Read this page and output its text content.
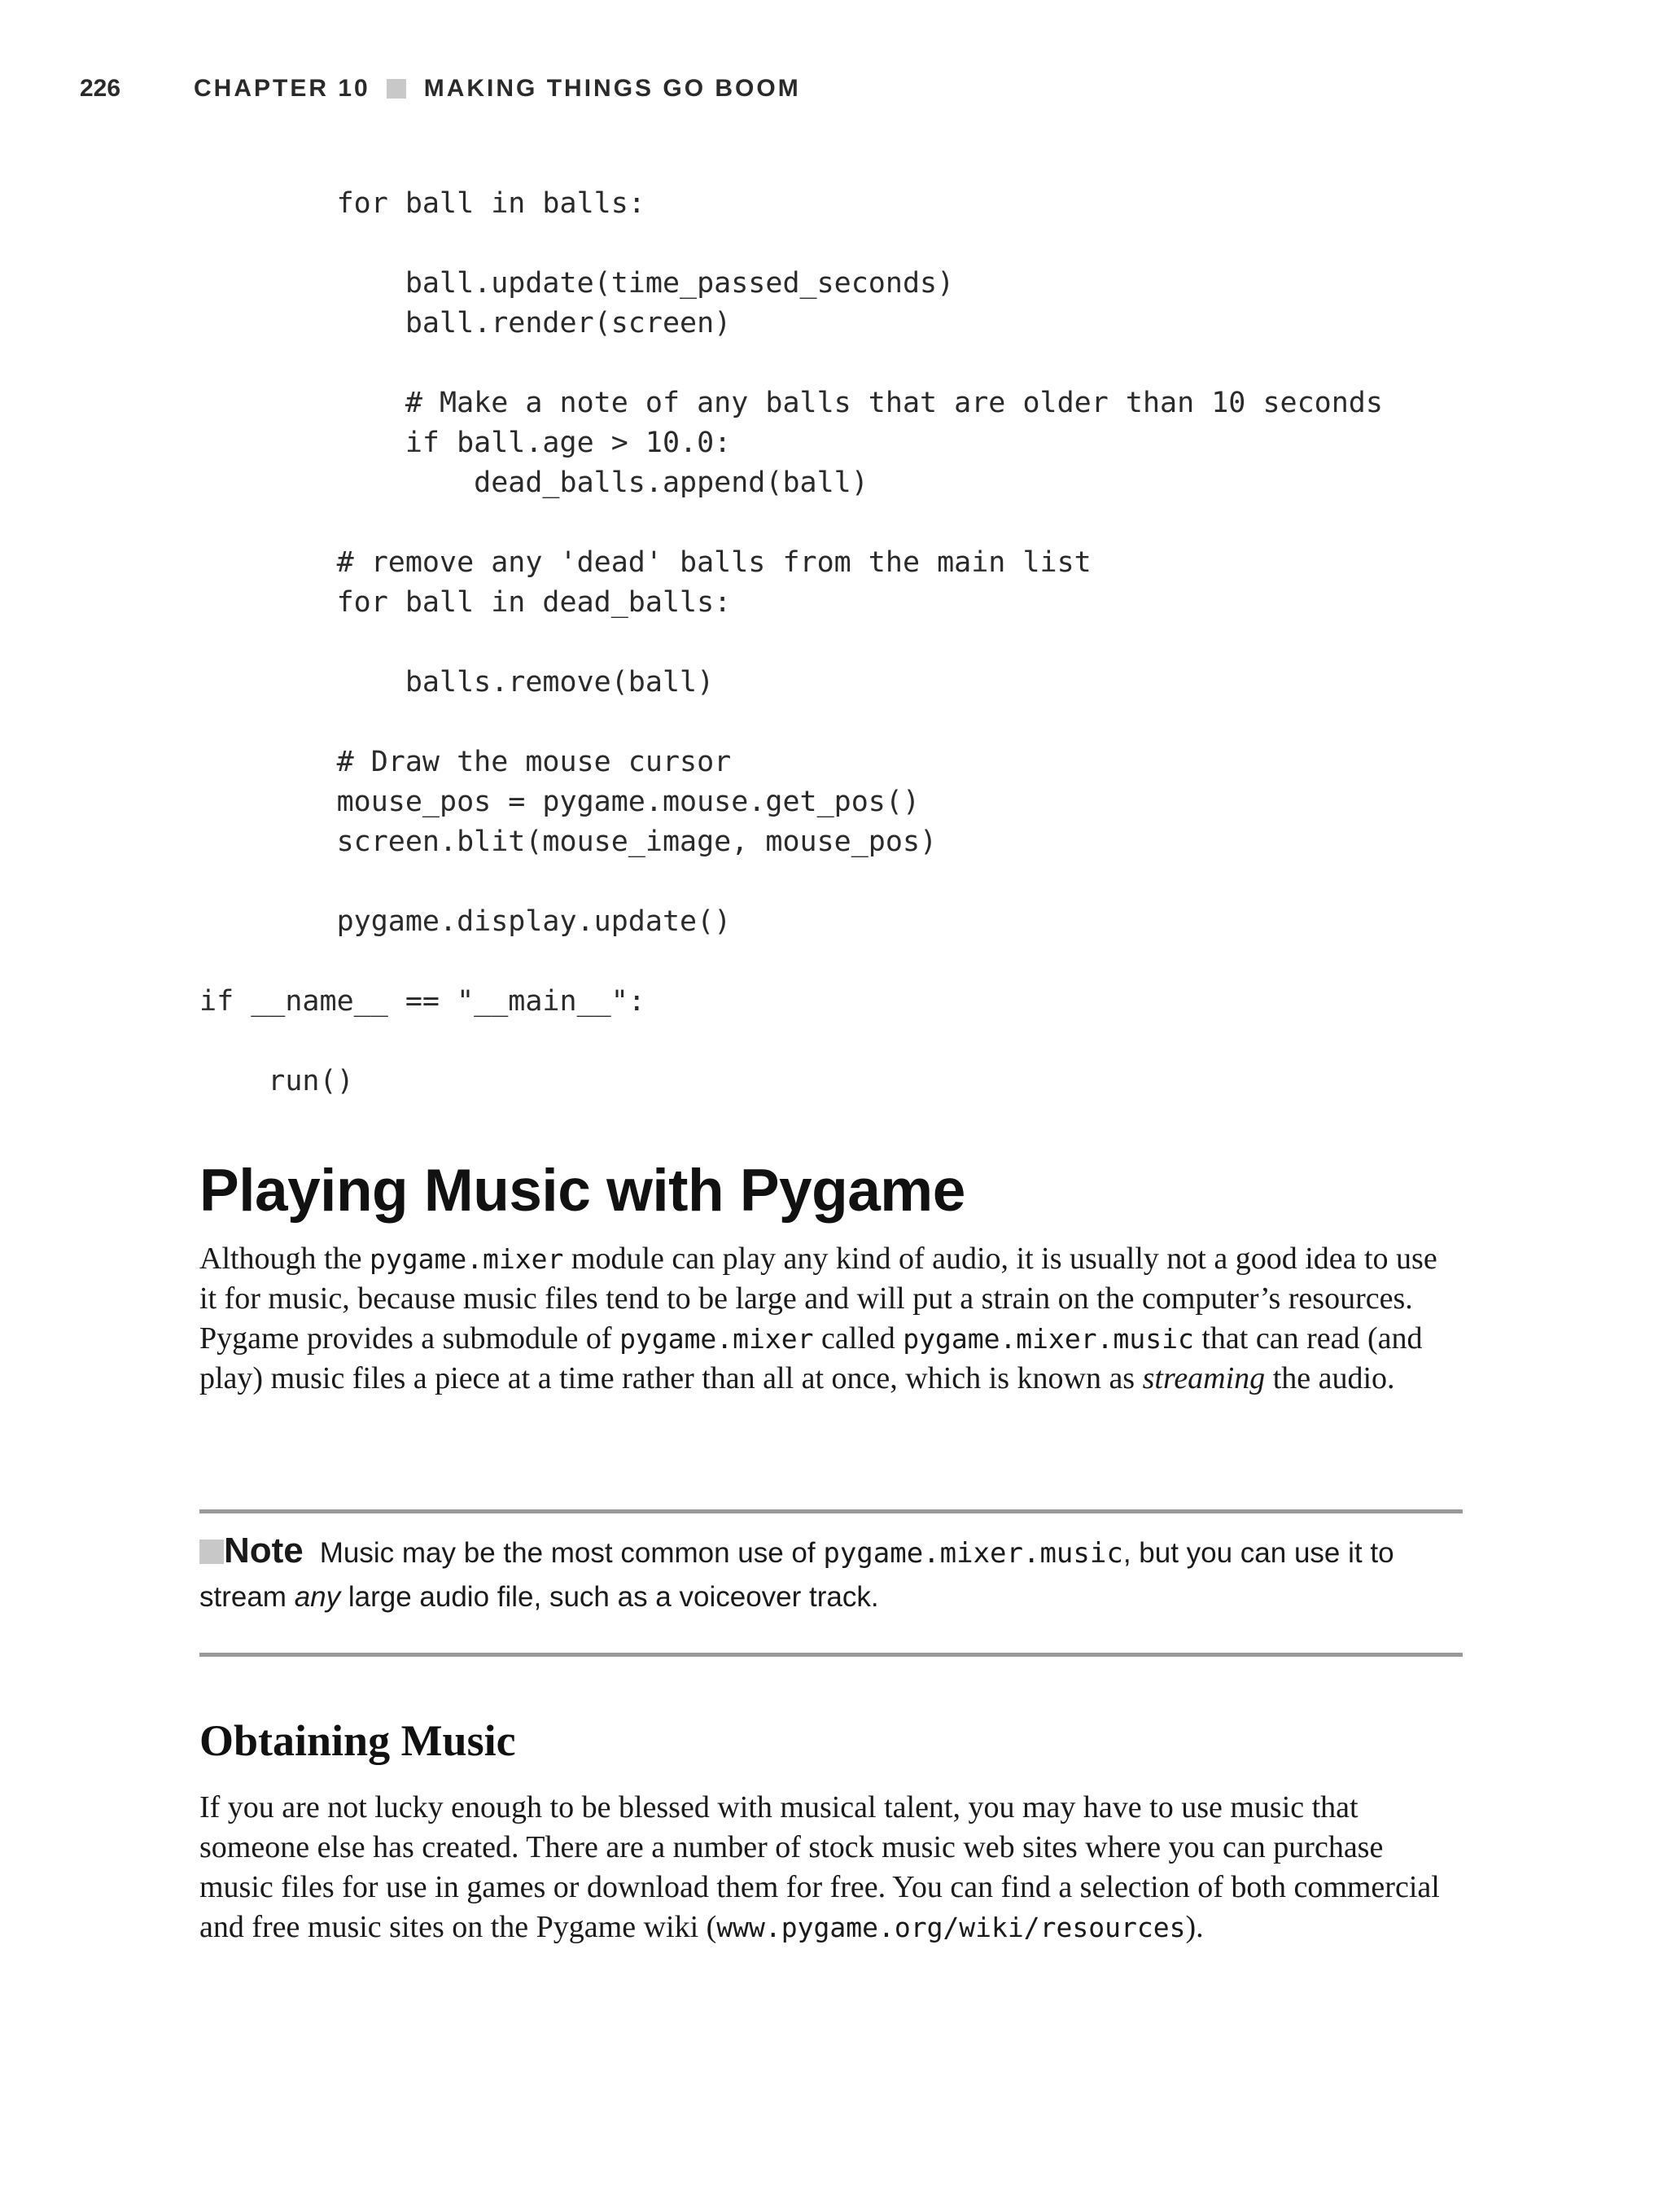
226	CHAPTER 10 MAKING THINGS GO BOOM
for ball in balls:

ball.update(time_passed_seconds)
ball.render(screen)

# Make a note of any balls that are older than 10 seconds
if ball.age > 10.0:
dead_balls.append(ball)

# remove any 'dead' balls from the main list
for ball in dead_balls:

balls.remove(ball)

# Draw the mouse cursor
mouse_pos = pygame.mouse.get_pos()
screen.blit(mouse_image, mouse_pos)

pygame.display.update()

if __name__ == "__main__":

run()
Playing Music with Pygame

Although the pygame.mixer module can play any kind of audio, it is usually not a good idea to use it for music, because music files tend to be large and will put a strain on the computer’s resources. Pygame provides a submodule of pygame.mixer called pygame.mixer.music that can read (and play) music files a piece at a time rather than all at once, which is known as streaming the audio.

Note Music may be the most common use of pygame.mixer.music, but you can use it to stream any large audio file, such as a voiceover track.

Obtaining Music

If you are not lucky enough to be blessed with musical talent, you may have to use music that someone else has created. There are a number of stock music web sites where you can purchase music files for use in games or download them for free. You can find a selection of both commercial and free music sites on the Pygame wiki (www.pygame.org/wiki/resources).
